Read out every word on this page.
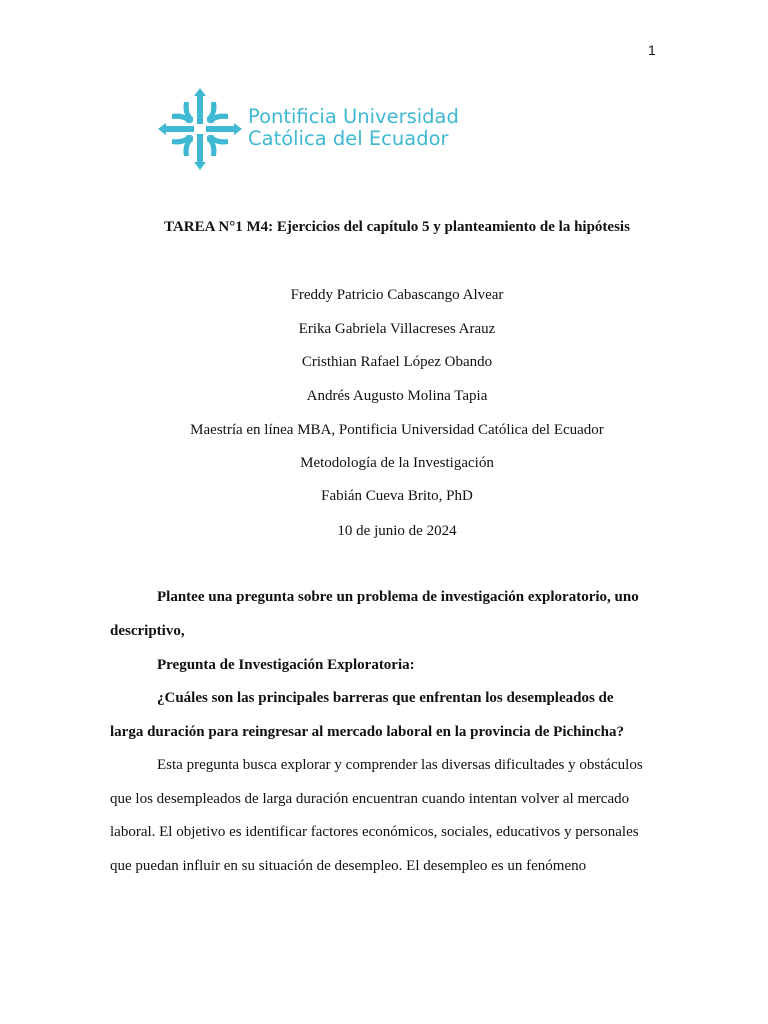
1
Pontificia Universidad
Católica del Ecuador
TAREA N°1 M4: Ejercicios del capítulo 5 y planteamiento de la hipótesis
Freddy Patricio Cabascango Alvear
Erika Gabriela Villacreses Arauz
Cristhian Rafael López Obando
Andrés Augusto Molina Tapia
Maestría en línea MBA, Pontificia Universidad Católica del Ecuador
Metodología de la Investigación
Fabián Cueva Brito, PhD
10 de junio de 2024
Plantee una pregunta sobre un problema de investigación exploratorio, uno
descriptivo,
Pregunta de Investigación Exploratoria:
¿Cuáles son las principales barreras que enfrentan los desempleados de
larga duración para reingresar al mercado laboral en la provincia de Pichincha?
Esta pregunta busca explorar y comprender las diversas dificultades y obstáculos
que los desempleados de larga duración encuentran cuando intentan volver al mercado
laboral. El objetivo es identificar factores económicos, sociales, educativos y personales
que puedan influir en su situación de desempleo. El desempleo es un fenómeno
